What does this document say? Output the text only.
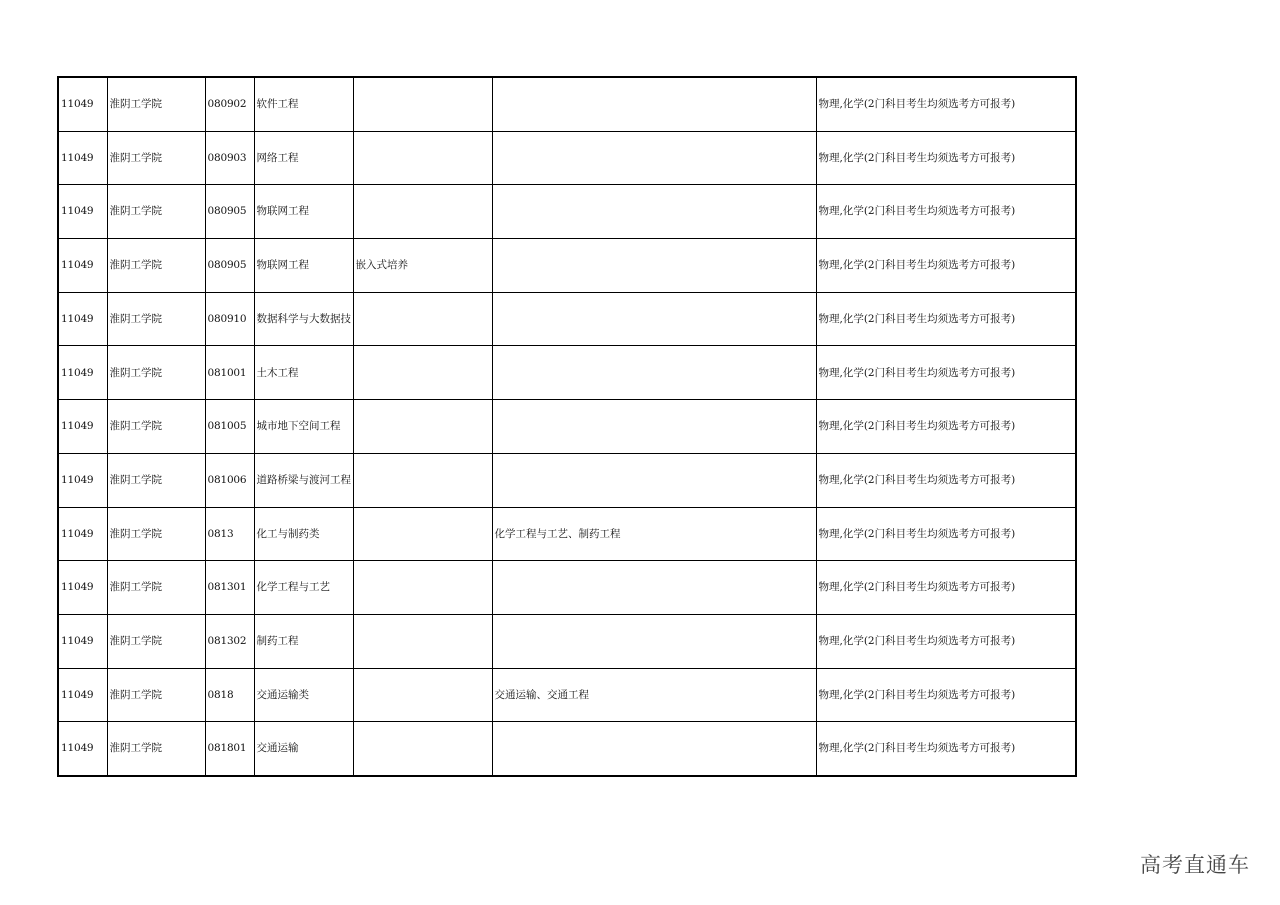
11049	淮阴工学院	080902	软件工程			物理,化学(2门科目考生均须选考方可报考)
11049	淮阴工学院	080903	网络工程			物理,化学(2门科目考生均须选考方可报考)
11049	淮阴工学院	080905	物联网工程			物理,化学(2门科目考生均须选考方可报考)
11049	淮阴工学院	080905	物联网工程	嵌入式培养		物理,化学(2门科目考生均须选考方可报考)
11049	淮阴工学院	080910	数据科学与大数据技			物理,化学(2门科目考生均须选考方可报考)
11049	淮阴工学院	081001	土木工程			物理,化学(2门科目考生均须选考方可报考)
11049	淮阴工学院	081005	城市地下空间工程			物理,化学(2门科目考生均须选考方可报考)
11049	淮阴工学院	081006	道路桥梁与渡河工程			物理,化学(2门科目考生均须选考方可报考)
11049	淮阴工学院	0813	化工与制药类		化学工程与工艺、制药工程	物理,化学(2门科目考生均须选考方可报考)
11049	淮阴工学院	081301	化学工程与工艺			物理,化学(2门科目考生均须选考方可报考)
11049	淮阴工学院	081302	制药工程			物理,化学(2门科目考生均须选考方可报考)
11049	淮阴工学院	0818	交通运输类		交通运输、交通工程	物理,化学(2门科目考生均须选考方可报考)
11049	淮阴工学院	081801	交通运输			物理,化学(2门科目考生均须选考方可报考)
高考直通车
